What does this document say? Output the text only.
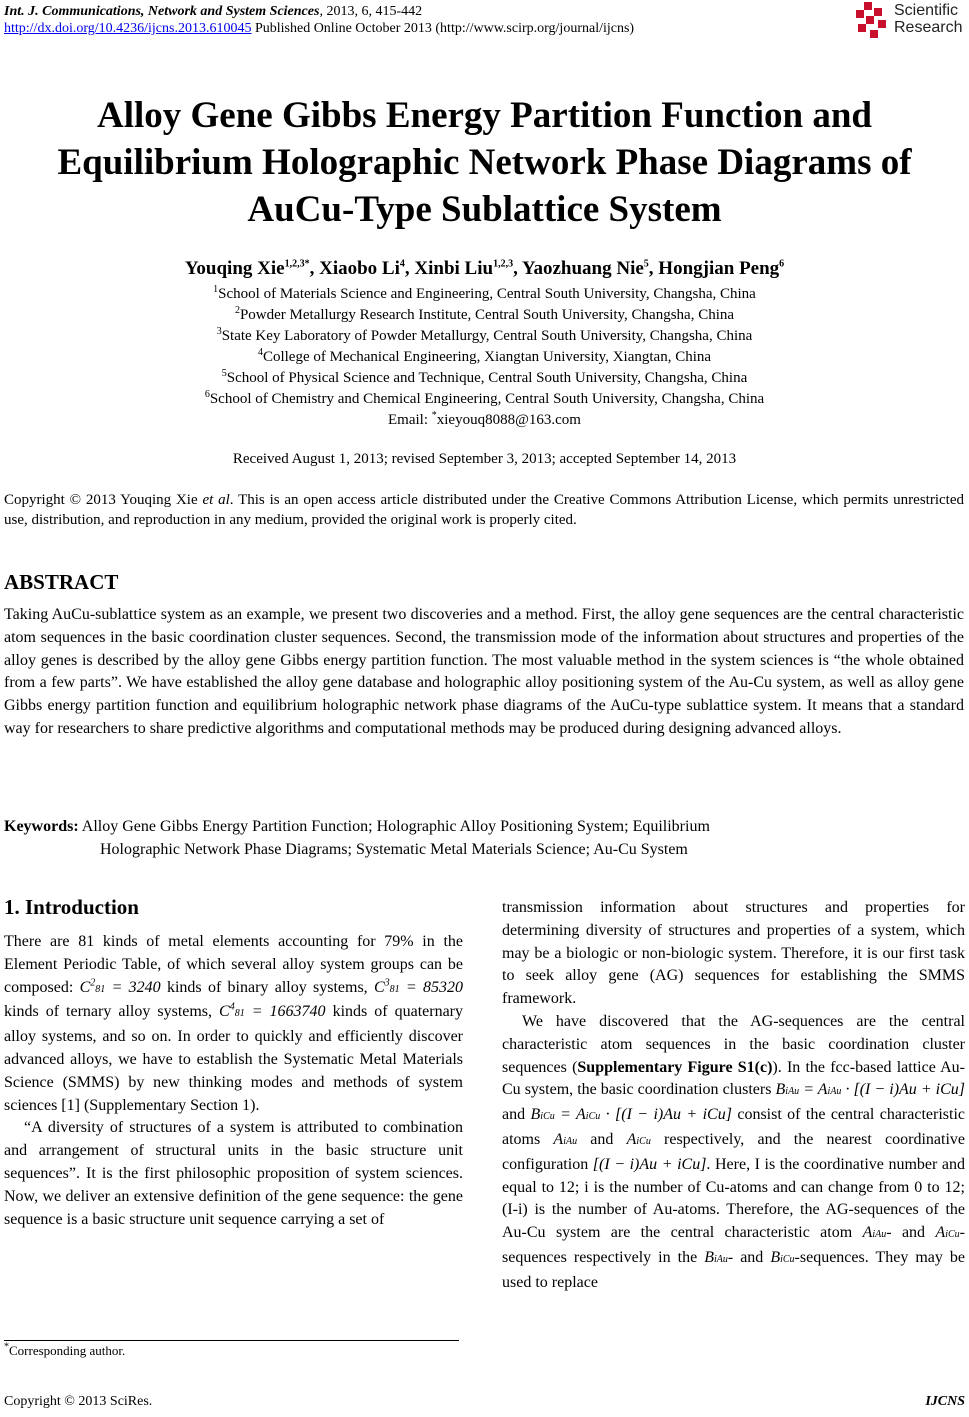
Int. J. Communications, Network and System Sciences, 2013, 6, 415-442
http://dx.doi.org/10.4236/ijcns.2013.610045 Published Online October 2013 (http://www.scirp.org/journal/ijcns)
Scientific
Research
Alloy Gene Gibbs Energy Partition Function and Equilibrium Holographic Network Phase Diagrams of AuCu-Type Sublattice System
Youqing Xie$^{1,2,3*}$, Xiaobo Li$^4$, Xinbi Liu$^{1,2,3}$, Yaozhuang Nie$^5$, Hongjian Peng$^6$
$^1$School of Materials Science and Engineering, Central South University, Changsha, China
$^2$Powder Metallurgy Research Institute, Central South University, Changsha, China
$^3$State Key Laboratory of Powder Metallurgy, Central South University, Changsha, China
$^4$College of Mechanical Engineering, Xiangtan University, Xiangtan, China
$^5$School of Physical Science and Technique, Central South University, Changsha, China
$^6$School of Chemistry and Chemical Engineering, Central South University, Changsha, China
Email: *xieyouq8088@163.com
Received August 1, 2013; revised September 3, 2013; accepted September 14, 2013
Copyright © 2013 Youqing Xie et al. This is an open access article distributed under the Creative Commons Attribution License, which permits unrestricted use, distribution, and reproduction in any medium, provided the original work is properly cited.
ABSTRACT
Taking AuCu-sublattice system as an example, we present two discoveries and a method. First, the alloy gene sequences are the central characteristic atom sequences in the basic coordination cluster sequences. Second, the transmission mode of the information about structures and properties of the alloy genes is described by the alloy gene Gibbs energy partition function. The most valuable method in the system sciences is “the whole obtained from a few parts”. We have established the alloy gene database and holographic alloy positioning system of the Au-Cu system, as well as alloy gene Gibbs energy partition function and equilibrium holographic network phase diagrams of the AuCu-type sublattice system. It means that a standard way for researchers to share predictive algorithms and computational methods may be produced during designing advanced alloys.
Keywords: Alloy Gene Gibbs Energy Partition Function; Holographic Alloy Positioning System; Equilibrium
Holographic Network Phase Diagrams; Systematic Metal Materials Science; Au-Cu System
1. Introduction

There are 81 kinds of metal elements accounting for 79% in the Element Periodic Table, of which several alloy system groups can be composed: $C^281 = 3240$ kinds of binary alloy systems, $C^381 = 85320$ kinds of ternary alloy systems, $C^481 = 1663740$ kinds of quaternary alloy systems, and so on. In order to quickly and efficiently discover advanced alloys, we have to establish the Systematic Metal Materials Science (SMMS) by new thinking modes and methods of system sciences [1] (Supplementary Section 1).

“A diversity of structures of a system is attributed to combination and arrangement of structural units in the basic structure unit sequences”. It is the first philosophic proposition of system sciences. Now, we deliver an extensive definition of the gene sequence: the gene sequence is a basic structure unit sequence carrying a set of

transmission information about structures and properties for determining diversity of structures and properties of a system, which may be a biologic or non-biologic system. Therefore, it is our first task to seek alloy gene (AG) sequences for establishing the SMMS framework.

We have discovered that the AG-sequences are the central characteristic atom sequences in the basic coordination cluster sequences (Supplementary Figure S1(c)). In the fcc-based lattice Au-Cu system, the basic coordination clusters BiAu = AiAu · [(I − i)Au + iCu] and BiCu = AiCu · [(I − i)Au + iCu] consist of the central characteristic atoms AiAu and AiCu respectively, and the nearest coordinative configuration [(I − i)Au + iCu]. Here, I is the coordinative number and equal to 12; i is the number of Cu-atoms and can change from 0 to 12; (I-i) is the number of Au-atoms. Therefore, the AG-sequences of the Au-Cu system are the central characteristic atom AiAu- and AiCu-sequences respectively in the BiAu- and BiCu-sequences. They may be used to replace

*Corresponding author.
Copyright © 2013 SciRes.	IJCNS
